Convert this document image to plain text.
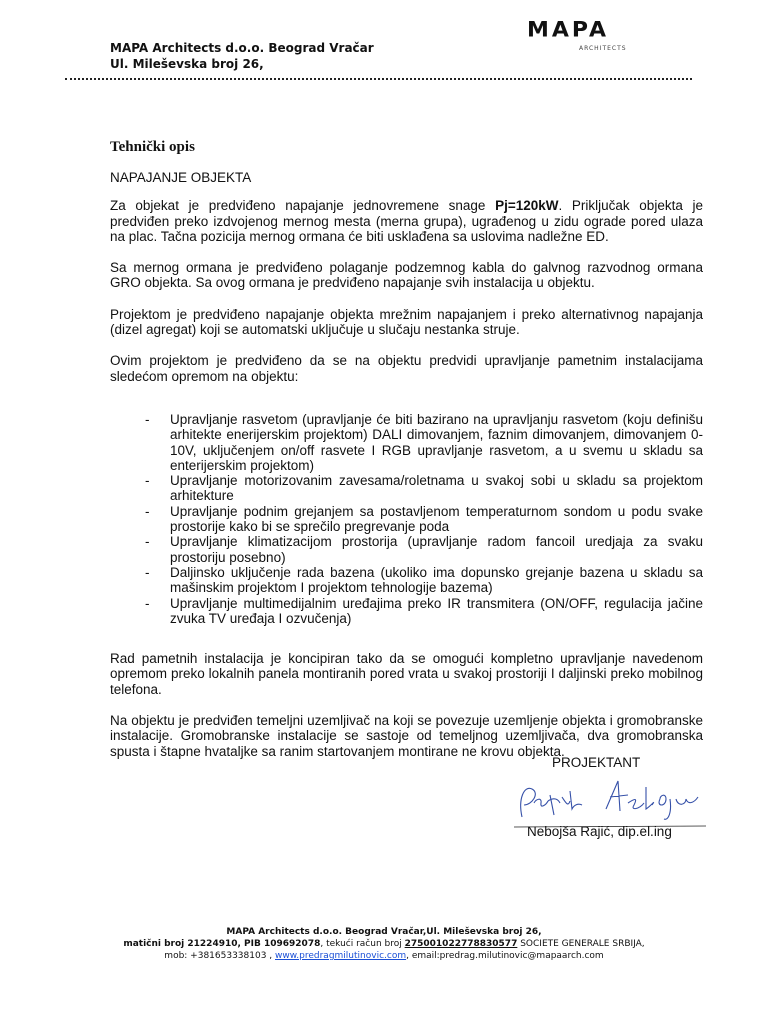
MAPA Architects d.o.o. Beograd Vračar
Ul. Mileševska broj 26,
MAPA
ARCHITECTS
Tehnički opis

NAPAJANJE OBJEKTA

Za objekat je predviđeno napajanje jednovremene snage Pj=120kW. Priključak objekta je predviđen preko izdvojenog mernog mesta (merna grupa), ugrađenog u zidu ograde pored ulaza na plac. Tačna pozicija mernog ormana će biti usklađena sa uslovima nadležne ED.

Sa mernog ormana je predviđeno polaganje podzemnog kabla do galvnog razvodnog ormana GRO objekta. Sa ovog ormana je predviđeno napajanje svih instalacija u objektu.

Projektom je predviđeno napajanje objekta mrežnim napajanjem i preko alternativnog napajanja (dizel agregat) koji se automatski uključuje u slučaju nestanka struje.

Ovim projektom je predviđeno da se na objektu predvidi upravljanje pametnim instalacijama sledećom opremom na objektu:

- Upravljanje rasvetom (upravljanje će biti bazirano na upravljanju rasvetom (koju definišu arhitekte enerijerskim projektom) DALI dimovanjem, faznim dimovanjem, dimovanjem 0-10V, uključenjem on/off rasvete I RGB upravljanje rasvetom, a u svemu u skladu sa enterijerskim projektom)
- Upravljanje motorizovanim zavesama/roletnama u svakoj sobi u skladu sa projektom arhitekture
- Upravljanje podnim grejanjem sa postavljenom temperaturnom sondom u podu svake prostorije kako bi se sprečilo pregrevanje poda
- Upravljanje klimatizacijom prostorija (upravljanje radom fancoil uredjaja za svaku prostoriju posebno)
- Daljinsko uključenje rada bazena (ukoliko ima dopunsko grejanje bazena u skladu sa mašinskim projektom I projektom tehnologije bazema)
- Upravljanje multimedijalnim uređajima preko IR transmitera (ON/OFF, regulacija jačine zvuka TV uređaja I ozvučenja)

Rad pametnih instalacija je koncipiran tako da se omogući kompletno upravljanje navedenom opremom preko lokalnih panela montiranih pored vrata u svakoj prostoriji I daljinski preko mobilnog telefona.

Na objektu je predviđen temeljni uzemljivač na koji se povezuje uzemljenje objekta i gromobranske instalacije. Gromobranske instalacije se sastoje od temeljnog uzemljivača, dva gromobranska spusta i štapne hvataljke sa ranim startovanjem montirane ne krovu objekta.

PROJEKTANT
Nebojša Rajić, dip.el.ing
MAPA Architects d.o.o. Beograd Vračar,Ul. Mileševska broj 26,
matični broj 21224910, PIB 109692078, tekući račun broj 275001022778830577 SOCIETE GENERALE SRBIJA,
mob: +381653338103 , www.predragmilutinovic.com, email:predrag.milutinovic@mapaarch.com
